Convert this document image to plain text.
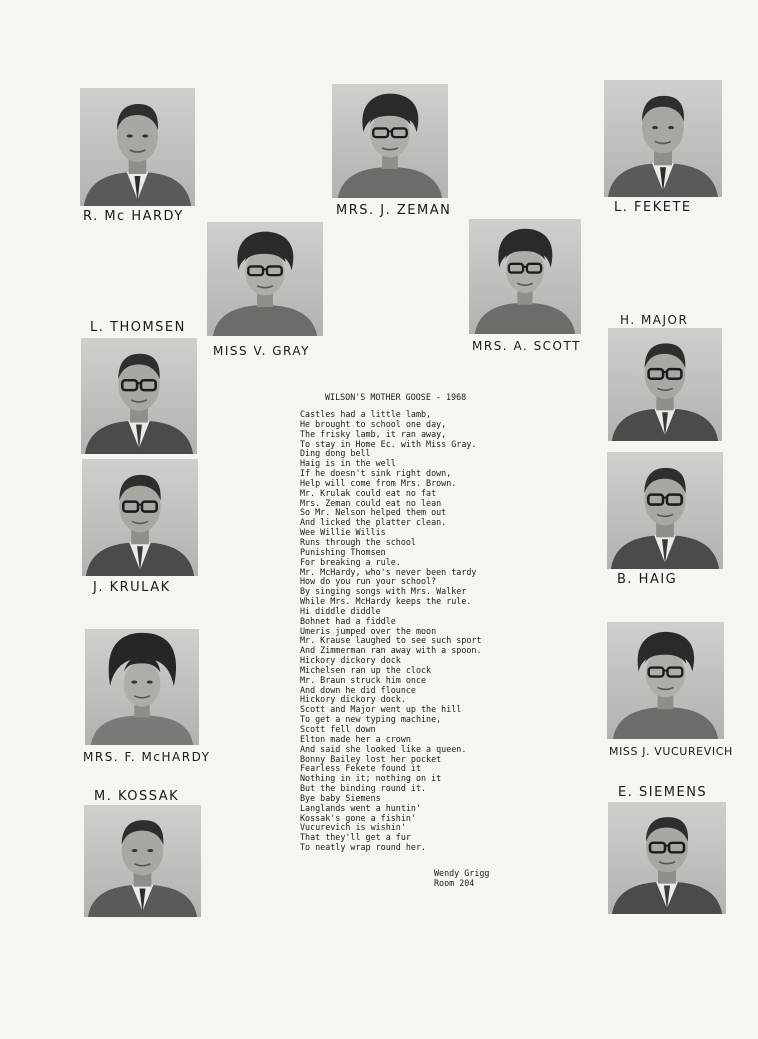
R. Mc HARDY	MRS. J. ZEMAN	L. FEKETE
MISS V. GRAY	MRS. A. SCOTT
L. THOMSEN	H. MAJOR
J. KRULAK
B. HAIG
MRS. F. McHARDY	MISS J. VUCUREVICH
M. KOSSAK	E. SIEMENS
WILSON'S MOTHER GOOSE - 1968
Castles had a little lamb,
He brought to school one day,
The frisky lamb, it ran away,
To stay in Home Ec. with Miss Gray.
Ding dong bell
Haig is in the well
If he doesn't sink right down,
Help will come from Mrs. Brown.
Mr. Krulak could eat no fat
Mrs. Zeman could eat no lean
So Mr. Nelson helped them out
And licked the platter clean.
Wee Willie Willis
Runs through the school
Punishing Thomsen
For breaking a rule.
Mr. McHardy, who's never been tardy
How do you run your school?
By singing songs with Mrs. Walker
While Mrs. McHardy keeps the rule.
Hi diddle diddle
Bohnet had a fiddle
Umeris jumped over the moon
Mr. Krause laughed to see such sport
And Zimmerman ran away with a spoon.
Hickory dickory dock
Michelsen ran up the clock
Mr. Braun struck him once
And down he did flounce
Hickory dickory dock.
Scott and Major went up the hill
To get a new typing machine,
Scott fell down
Elton made her a crown
And said she looked like a queen.
Bonny Bailey lost her pocket
Fearless Fekete found it
Nothing in it; nothing on it
But the binding round it.
Bye baby Siemens
Langlands went a huntin'
Kossak's gone a fishin'
Vucurevich is wishin'
That they'll get a fur
To neatly wrap round her.
Wendy Grigg
Room 204
